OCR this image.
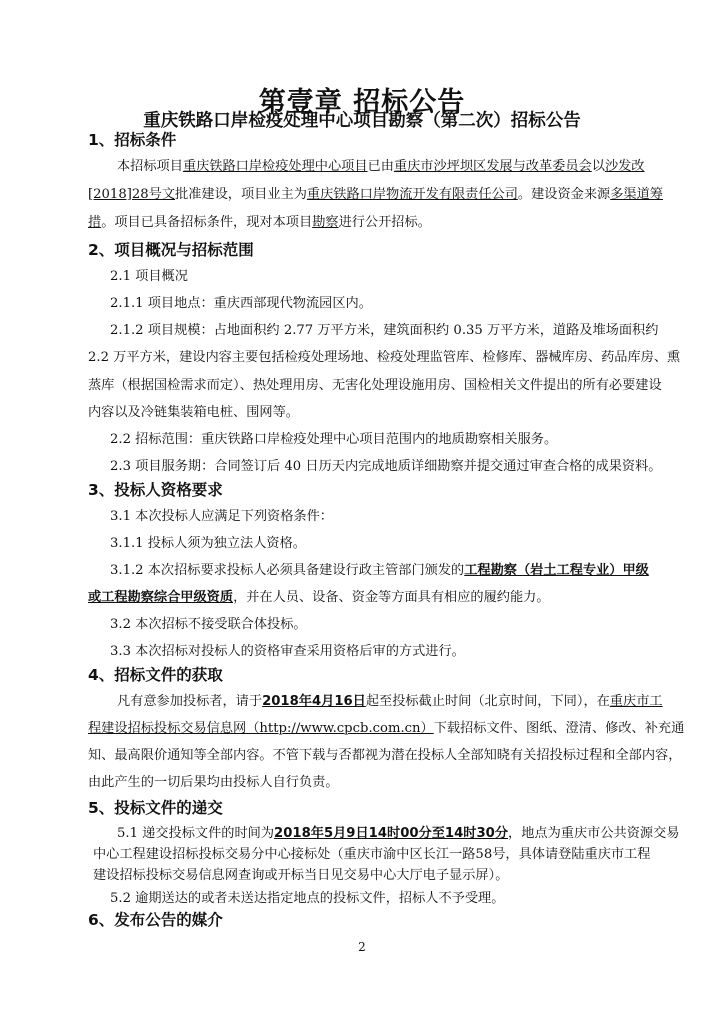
第壹章 招标公告
重庆铁路口岸检疫处理中心项目勘察（第二次）招标公告
1、招标条件
本招标项目重庆铁路口岸检疫处理中心项目已由重庆市沙坪坝区发展与改革委员会以沙发改
[2018]28号文批准建设，项目业主为重庆铁路口岸物流开发有限责任公司。建设资金来源多渠道筹
措。项目已具备招标条件，现对本项目勘察进行公开招标。
2、项目概况与招标范围
2.1 项目概况
2.1.1 项目地点：重庆西部现代物流园区内。
2.1.2 项目规模：占地面积约 2.77 万平方米，建筑面积约 0.35 万平方米，道路及堆场面积约
2.2 万平方米，建设内容主要包括检疫处理场地、检疫处理监管库、检修库、器械库房、药品库房、熏
蒸库（根据国检需求而定）、热处理用房、无害化处理设施用房、国检相关文件提出的所有必要建设
内容以及冷链集装箱电桩、围网等。
2.2 招标范围：重庆铁路口岸检疫处理中心项目范围内的地质勘察相关服务。
2.3 项目服务期：合同签订后 40 日历天内完成地质详细勘察并提交通过审查合格的成果资料。
3、投标人资格要求
3.1 本次投标人应满足下列资格条件：
3.1.1 投标人须为独立法人资格。
3.1.2 本次招标要求投标人必须具备建设行政主管部门颁发的工程勘察（岩土工程专业）甲级
或工程勘察综合甲级资质，并在人员、设备、资金等方面具有相应的履约能力。
3.2 本次招标不接受联合体投标。
3.3 本次招标对投标人的资格审查采用资格后审的方式进行。
4、招标文件的获取
凡有意参加投标者，请于2018年4月16日起至投标截止时间（北京时间，下同），在重庆市工
程建设招标投标交易信息网（http://www.cpcb.com.cn）下载招标文件、图纸、澄清、修改、补充通
知、最高限价通知等全部内容。不管下载与否都视为潜在投标人全部知晓有关招投标过程和全部内容，
由此产生的一切后果均由投标人自行负责。
5、投标文件的递交
5.1 递交投标文件的时间为2018年5月9日14时00分至14时30分，地点为重庆市公共资源交易
中心工程建设招标投标交易分中心接标处（重庆市渝中区长江一路58号，具体请登陆重庆市工程
建设招标投标交易信息网查询或开标当日见交易中心大厅电子显示屏）。
5.2 逾期送达的或者未送达指定地点的投标文件，招标人不予受理。
6、发布公告的媒介
2
